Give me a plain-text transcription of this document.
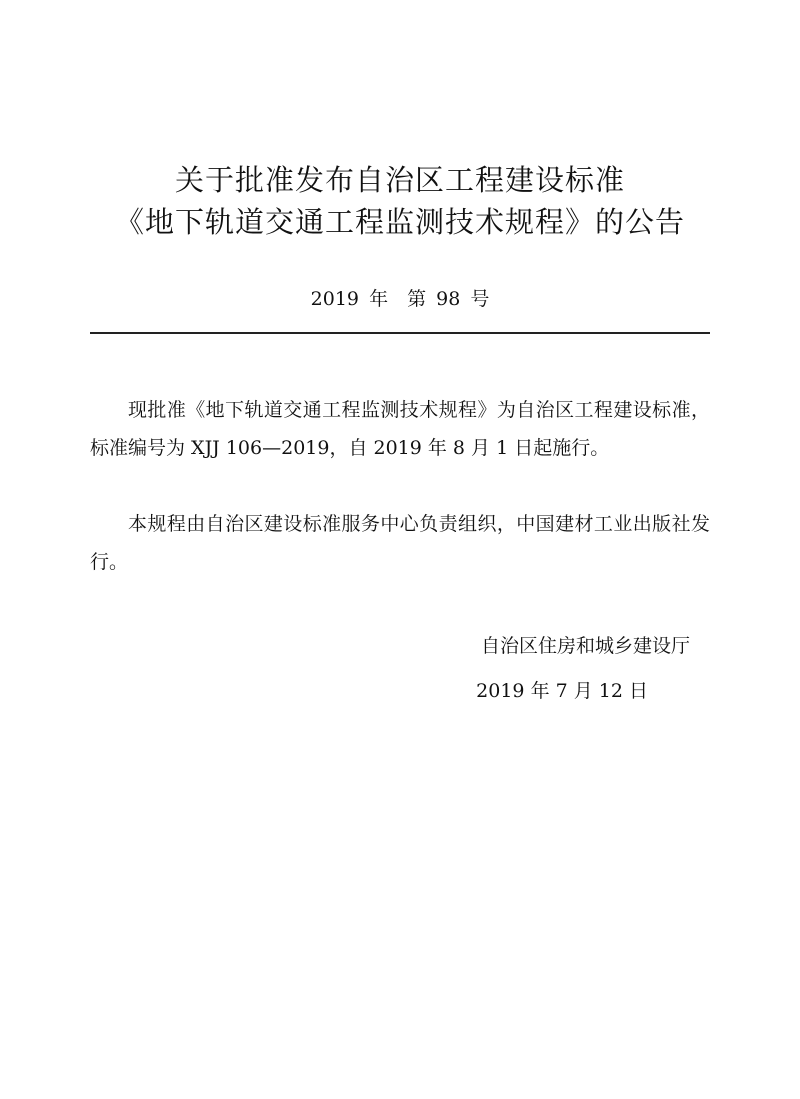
关于批准发布自治区工程建设标准
《地下轨道交通工程监测技术规程》的公告
2019 年　第 98 号

现批准《地下轨道交通工程监测技术规程》为自治区工程建设标准，标准编号为 XJJ 106—2019，自 2019 年 8 月 1 日起施行。

本规程由自治区建设标准服务中心负责组织，中国建材工业出版社发行。

自治区住房和城乡建设厅
2019 年 7 月 12 日
